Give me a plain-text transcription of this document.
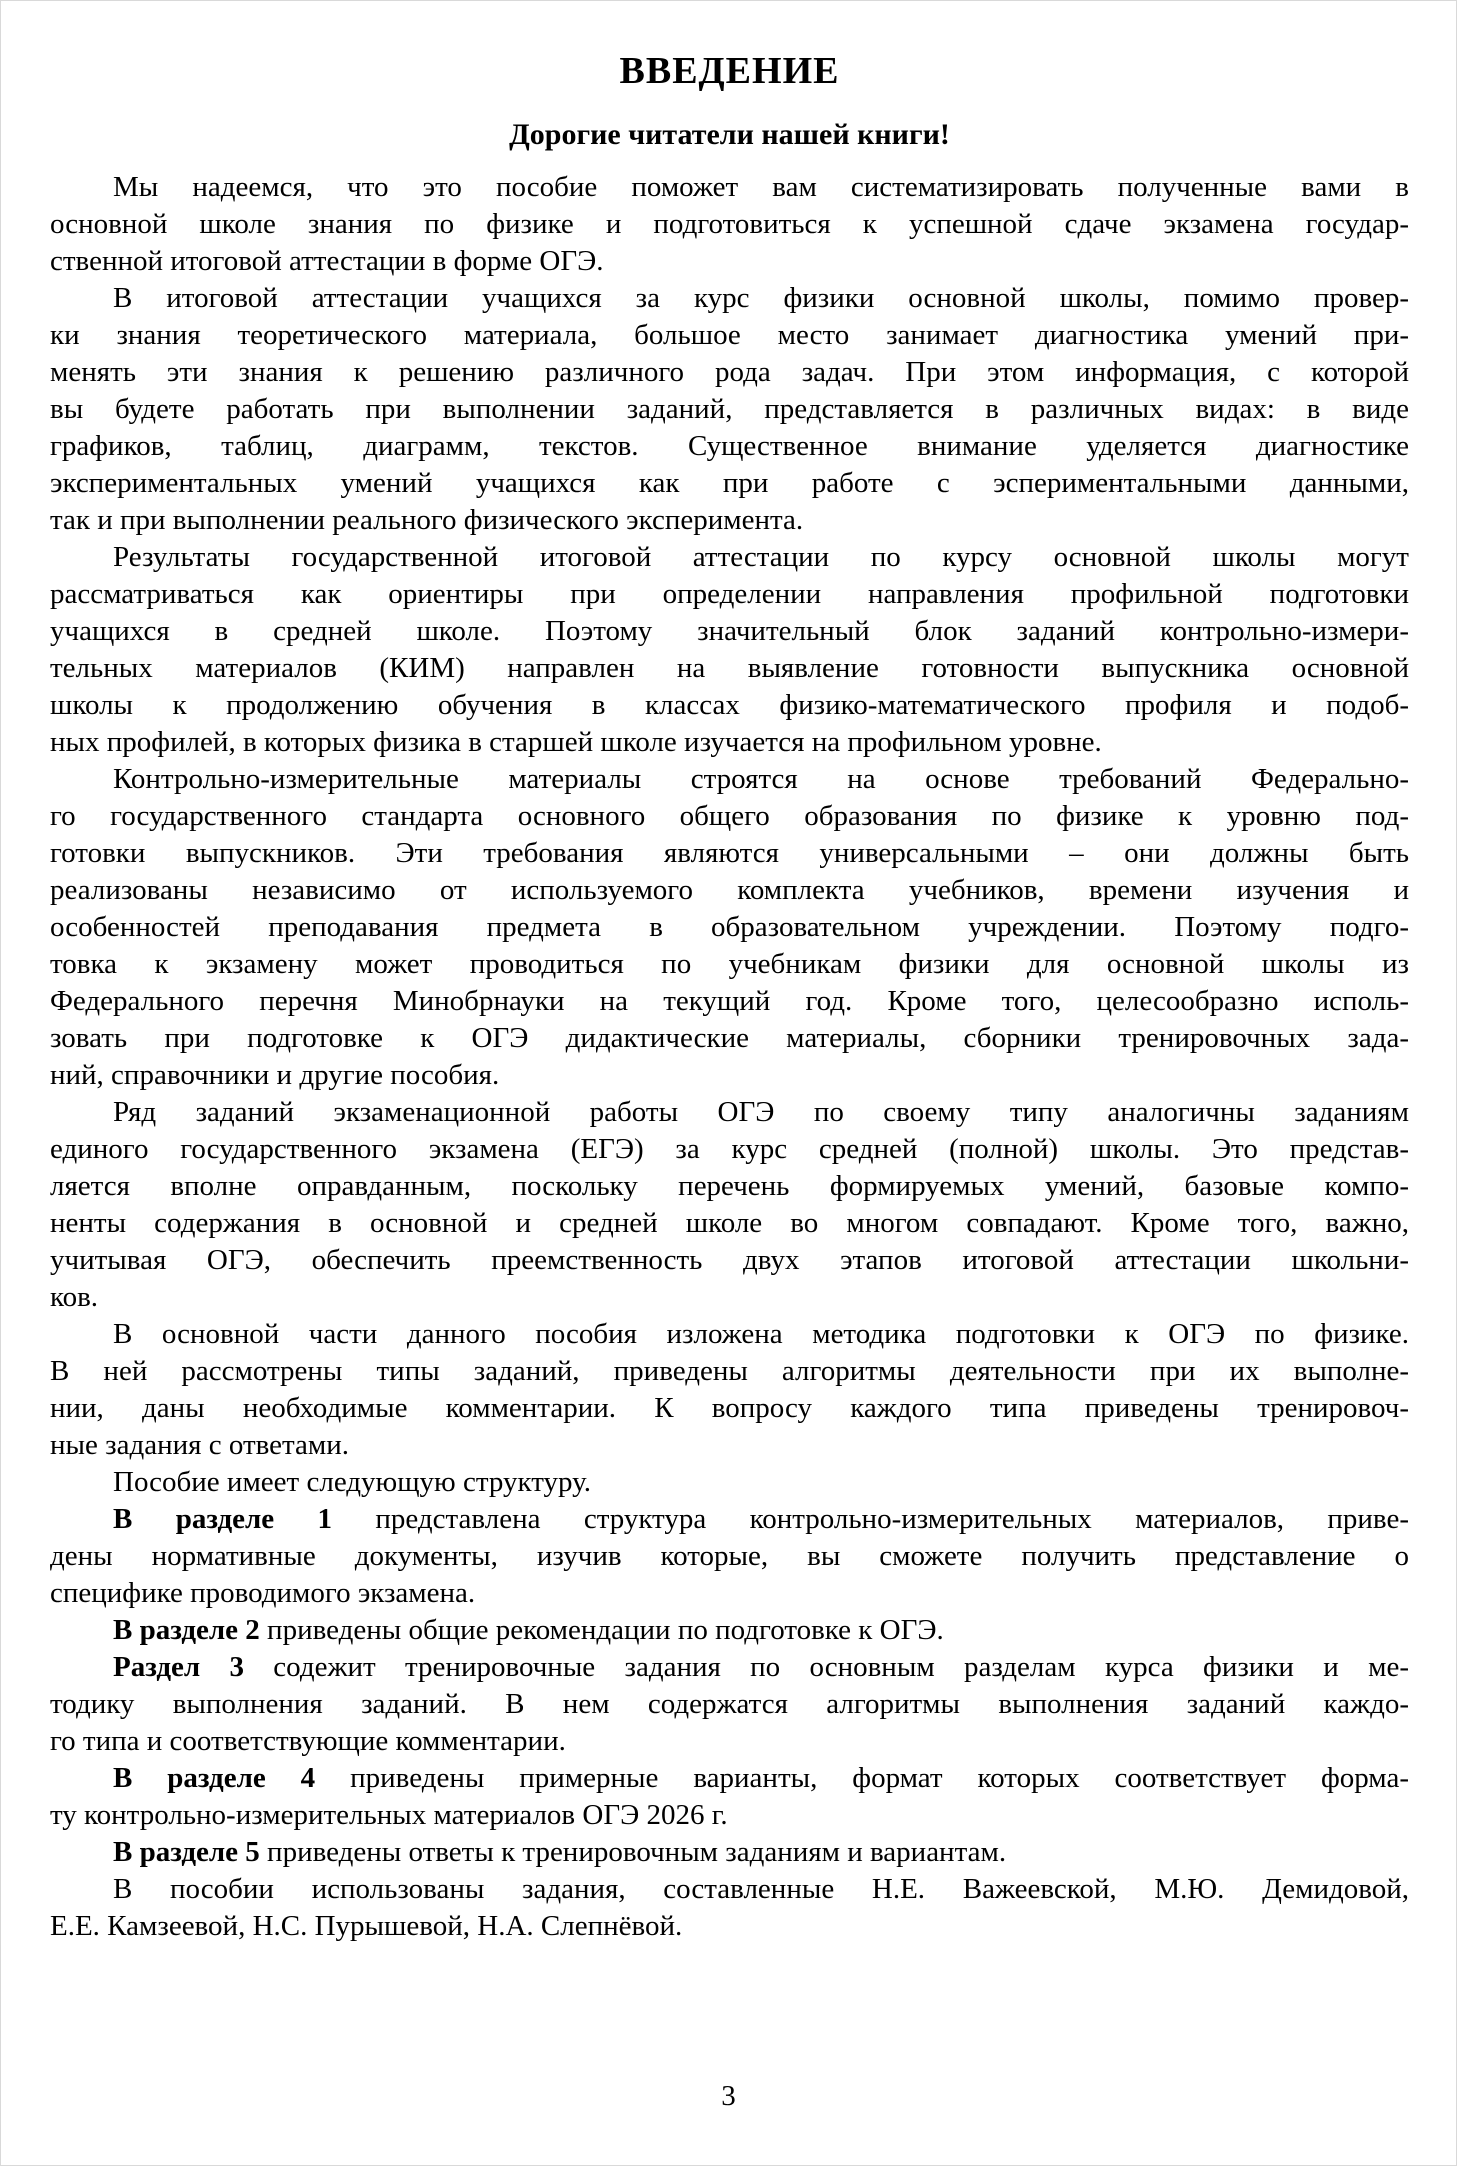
ВВЕДЕНИЕ
Дорогие читатели нашей книги!
Мы надеемся, что это пособие поможет вам систематизировать полученные вами в
основной школе знания по физике и подготовиться к успешной сдаче экзамена государ-
ственной итоговой аттестации в форме ОГЭ.
В итоговой аттестации учащихся за курс физики основной школы, помимо провер-
ки знания теоретического материала, большое место занимает диагностика умений при-
менять эти знания к решению различного рода задач. При этом информация, с которой
вы будете работать при выполнении заданий, представляется в различных видах: в виде
графиков, таблиц, диаграмм, текстов. Существенное внимание уделяется диагностике
экспериментальных умений учащихся как при работе с эспериментальными данными,
так и при выполнении реального физического эксперимента.
Результаты государственной итоговой аттестации по курсу основной школы могут
рассматриваться как ориентиры при определении направления профильной подготовки
учащихся в средней школе. Поэтому значительный блок заданий контрольно-измери-
тельных материалов (КИМ) направлен на выявление готовности выпускника основной
школы к продолжению обучения в классах физико-математического профиля и подоб-
ных профилей, в которых физика в старшей школе изучается на профильном уровне.
Контрольно-измерительные материалы строятся на основе требований Федерально-
го государственного стандарта основного общего образования по физике к уровню под-
готовки выпускников. Эти требования являются универсальными – они должны быть
реализованы независимо от используемого комплекта учебников, времени изучения и
особенностей преподавания предмета в образовательном учреждении. Поэтому подго-
товка к экзамену может проводиться по учебникам физики для основной школы из
Федерального перечня Минобрнауки на текущий год. Кроме того, целесообразно исполь-
зовать при подготовке к ОГЭ дидактические материалы, сборники тренировочных зада-
ний, справочники и другие пособия.
Ряд заданий экзаменационной работы ОГЭ по своему типу аналогичны заданиям
единого государственного экзамена (ЕГЭ) за курс средней (полной) школы. Это представ-
ляется вполне оправданным, поскольку перечень формируемых умений, базовые компо-
ненты содержания в основной и средней школе во многом совпадают. Кроме того, важно,
учитывая ОГЭ, обеспечить преемственность двух этапов итоговой аттестации школьни-
ков.
В основной части данного пособия изложена методика подготовки к ОГЭ по физике.
В ней рассмотрены типы заданий, приведены алгоритмы деятельности при их выполне-
нии, даны необходимые комментарии. К вопросу каждого типа приведены тренировоч-
ные задания с ответами.
Пособие имеет следующую структуру.
В разделе 1 представлена структура контрольно-измерительных материалов, приве-
дены нормативные документы, изучив которые, вы сможете получить представление о
специфике проводимого экзамена.
В разделе 2 приведены общие рекомендации по подготовке к ОГЭ.
Раздел 3 содежит тренировочные задания по основным разделам курса физики и ме-
тодику выполнения заданий. В нем содержатся алгоритмы выполнения заданий каждо-
го типа и соответствующие комментарии.
В разделе 4 приведены примерные варианты, формат которых соответствует форма-
ту контрольно-измерительных материалов ОГЭ 2026 г.
В разделе 5 приведены ответы к тренировочным заданиям и вариантам.
В пособии использованы задания, составленные Н.Е. Важеевской, М.Ю. Демидовой,
Е.Е. Камзеевой, Н.С. Пурышевой, Н.А. Слепнёвой.
3
